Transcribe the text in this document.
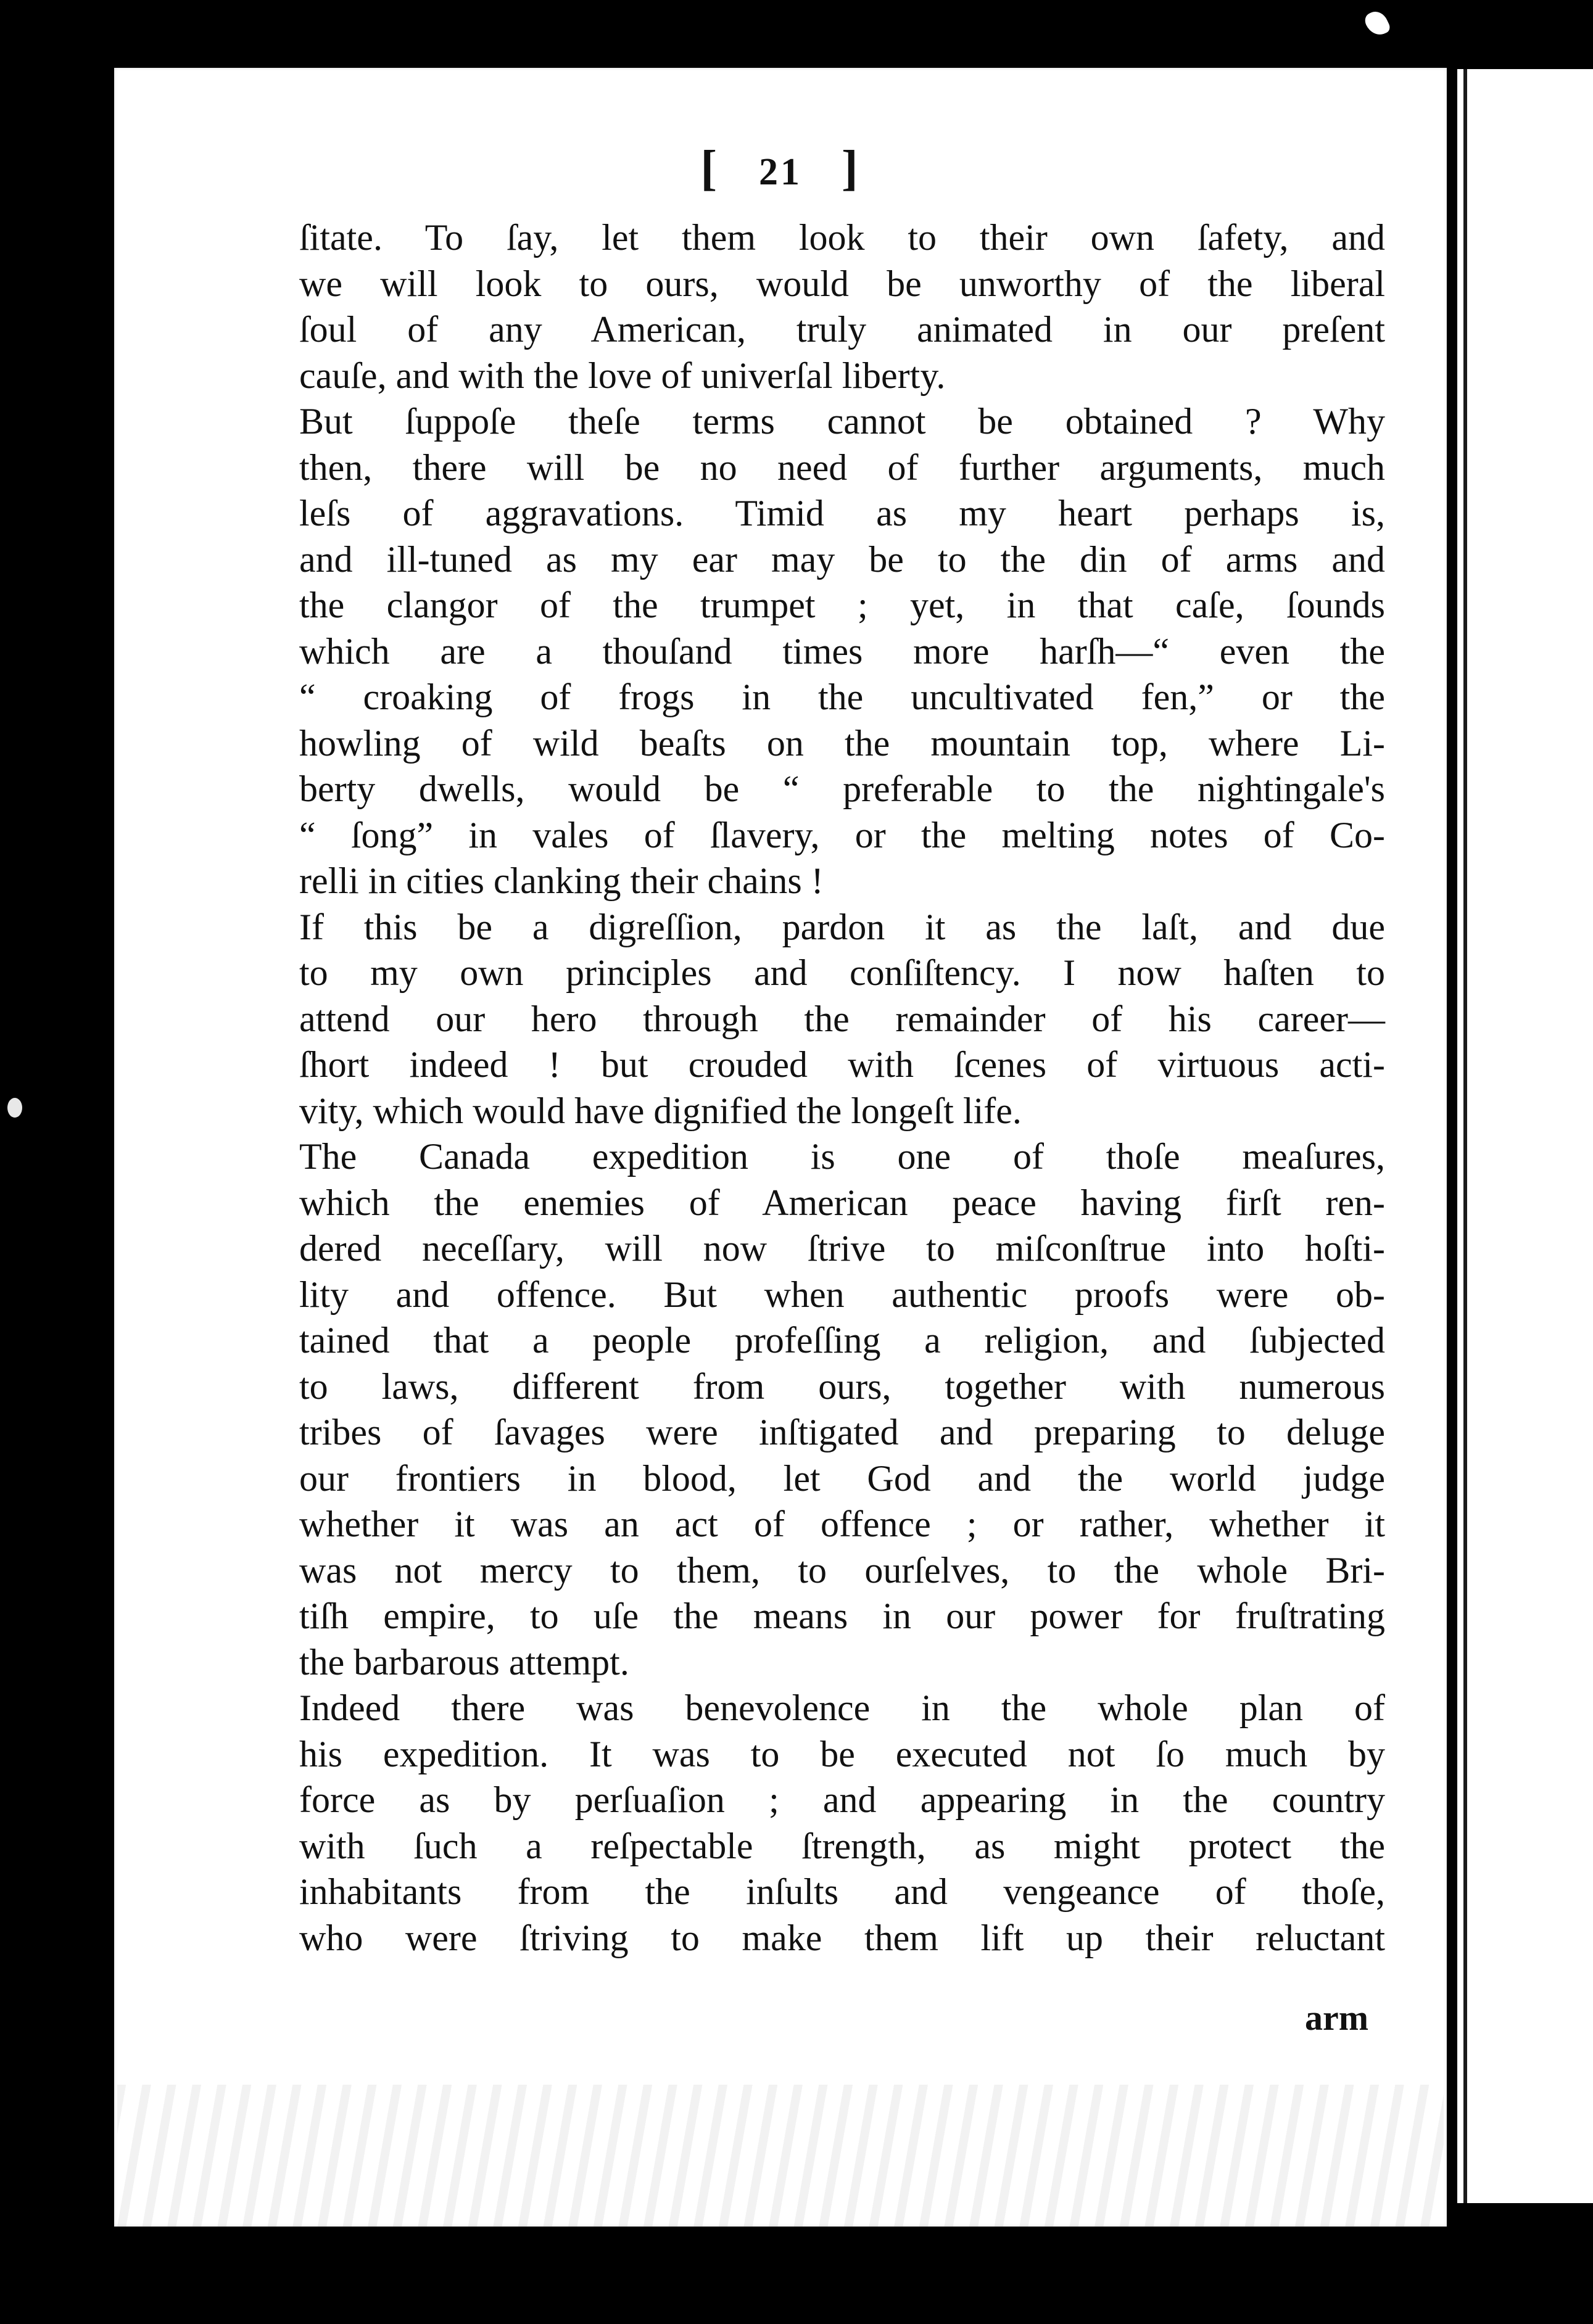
[ 21 ]
ſitate. To ſay, let them look to their own ſafety, and
we will look to ours, would be unworthy of the liberal
ſoul of any American, truly animated in our preſent
cauſe, and with the love of univerſal liberty.
But ſuppoſe theſe terms cannot be obtained ? Why
then, there will be no need of further arguments, much
leſs of aggravations. Timid as my heart perhaps is,
and ill-tuned as my ear may be to the din of arms and
the clangor of the trumpet ; yet, in that caſe, ſounds
which are a thouſand times more harſh—“ even the
“ croaking of frogs in the uncultivated fen,” or the
howling of wild beaſts on the mountain top, where Li-
berty dwells, would be “ preferable to the nightingale's
“ ſong” in vales of ſlavery, or the melting notes of Co-
relli in cities clanking their chains !
If this be a digreſſion, pardon it as the laſt, and due
to my own principles and conſiſtency. I now haſten to
attend our hero through the remainder of his career—
ſhort indeed ! but crouded with ſcenes of virtuous acti-
vity, which would have dignified the longeſt life.
The Canada expedition is one of thoſe meaſures,
which the enemies of American peace having firſt ren-
dered neceſſary, will now ſtrive to miſconſtrue into hoſti-
lity and offence. But when authentic proofs were ob-
tained that a people profeſſing a religion, and ſubjected
to laws, different from ours, together with numerous
tribes of ſavages were inſtigated and preparing to deluge
our frontiers in blood, let God and the world judge
whether it was an act of offence ; or rather, whether it
was not mercy to them, to ourſelves, to the whole Bri-
tiſh empire, to uſe the means in our power for fruſtrating
the barbarous attempt.
Indeed there was benevolence in the whole plan of
his expedition. It was to be executed not ſo much by
force as by perſuaſion ; and appearing in the country
with ſuch a reſpectable ſtrength, as might protect the
inhabitants from the inſults and vengeance of thoſe,
who were ſtriving to make them lift up their reluctant
arm
